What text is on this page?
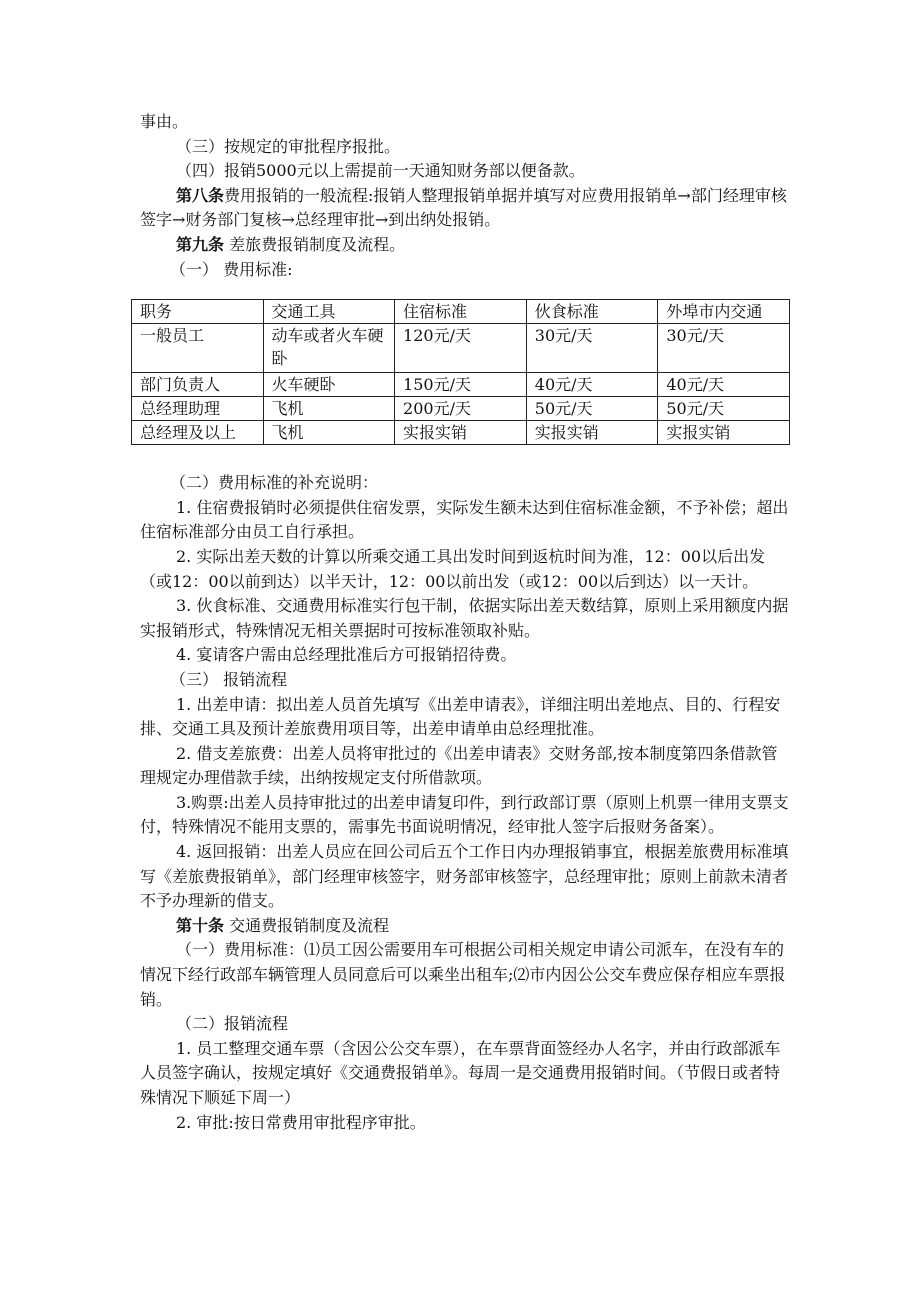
事由。

（三）按规定的审批程序报批。

（四）报销5000元以上需提前一天通知财务部以便备款。

第八条费用报销的一般流程:报销人整理报销单据并填写对应费用报销单→部门经理审核签字→财务部门复核→总经理审批→到出纳处报销。

第九条 差旅费报销制度及流程。

（一） 费用标准:

职务	交通工具	住宿标准	伙食标准	外埠市内交通
一般员工	动车或者火车硬卧	120元/天	30元/天	30元/天
部门负责人	火车硬卧	150元/天	40元/天	40元/天
总经理助理	飞机	200元/天	50元/天	50元/天
总经理及以上	飞机	实报实销	实报实销	实报实销

（二）费用标准的补充说明：

1. 住宿费报销时必须提供住宿发票，实际发生额未达到住宿标准金额，不予补偿；超出住宿标准部分由员工自行承担。

2. 实际出差天数的计算以所乘交通工具出发时间到返杭时间为准，12：00以后出发（或12：00以前到达）以半天计，12：00以前出发（或12：00以后到达）以一天计。

3. 伙食标准、交通费用标准实行包干制，依据实际出差天数结算，原则上采用额度内据实报销形式，特殊情况无相关票据时可按标准领取补贴。

4. 宴请客户需由总经理批准后方可报销招待费。

（三） 报销流程

1. 出差申请：拟出差人员首先填写《出差申请表》，详细注明出差地点、目的、行程安排、交通工具及预计差旅费用项目等，出差申请单由总经理批准。

2. 借支差旅费：出差人员将审批过的《出差申请表》交财务部,按本制度第四条借款管理规定办理借款手续，出纳按规定支付所借款项。

3.购票:出差人员持审批过的出差申请复印件，到行政部订票（原则上机票一律用支票支付，特殊情况不能用支票的，需事先书面说明情况，经审批人签字后报财务备案）。

4. 返回报销：出差人员应在回公司后五个工作日内办理报销事宜，根据差旅费用标准填写《差旅费报销单》，部门经理审核签字，财务部审核签字，总经理审批；原则上前款未清者不予办理新的借支。

第十条 交通费报销制度及流程

（一）费用标准：⑴员工因公需要用车可根据公司相关规定申请公司派车，在没有车的情况下经行政部车辆管理人员同意后可以乘坐出租车;⑵市内因公公交车费应保存相应车票报销。

（二）报销流程

1. 员工整理交通车票（含因公公交车票），在车票背面签经办人名字，并由行政部派车人员签字确认，按规定填好《交通费报销单》。每周一是交通费用报销时间。（节假日或者特殊情况下顺延下周一）

2. 审批:按日常费用审批程序审批。
